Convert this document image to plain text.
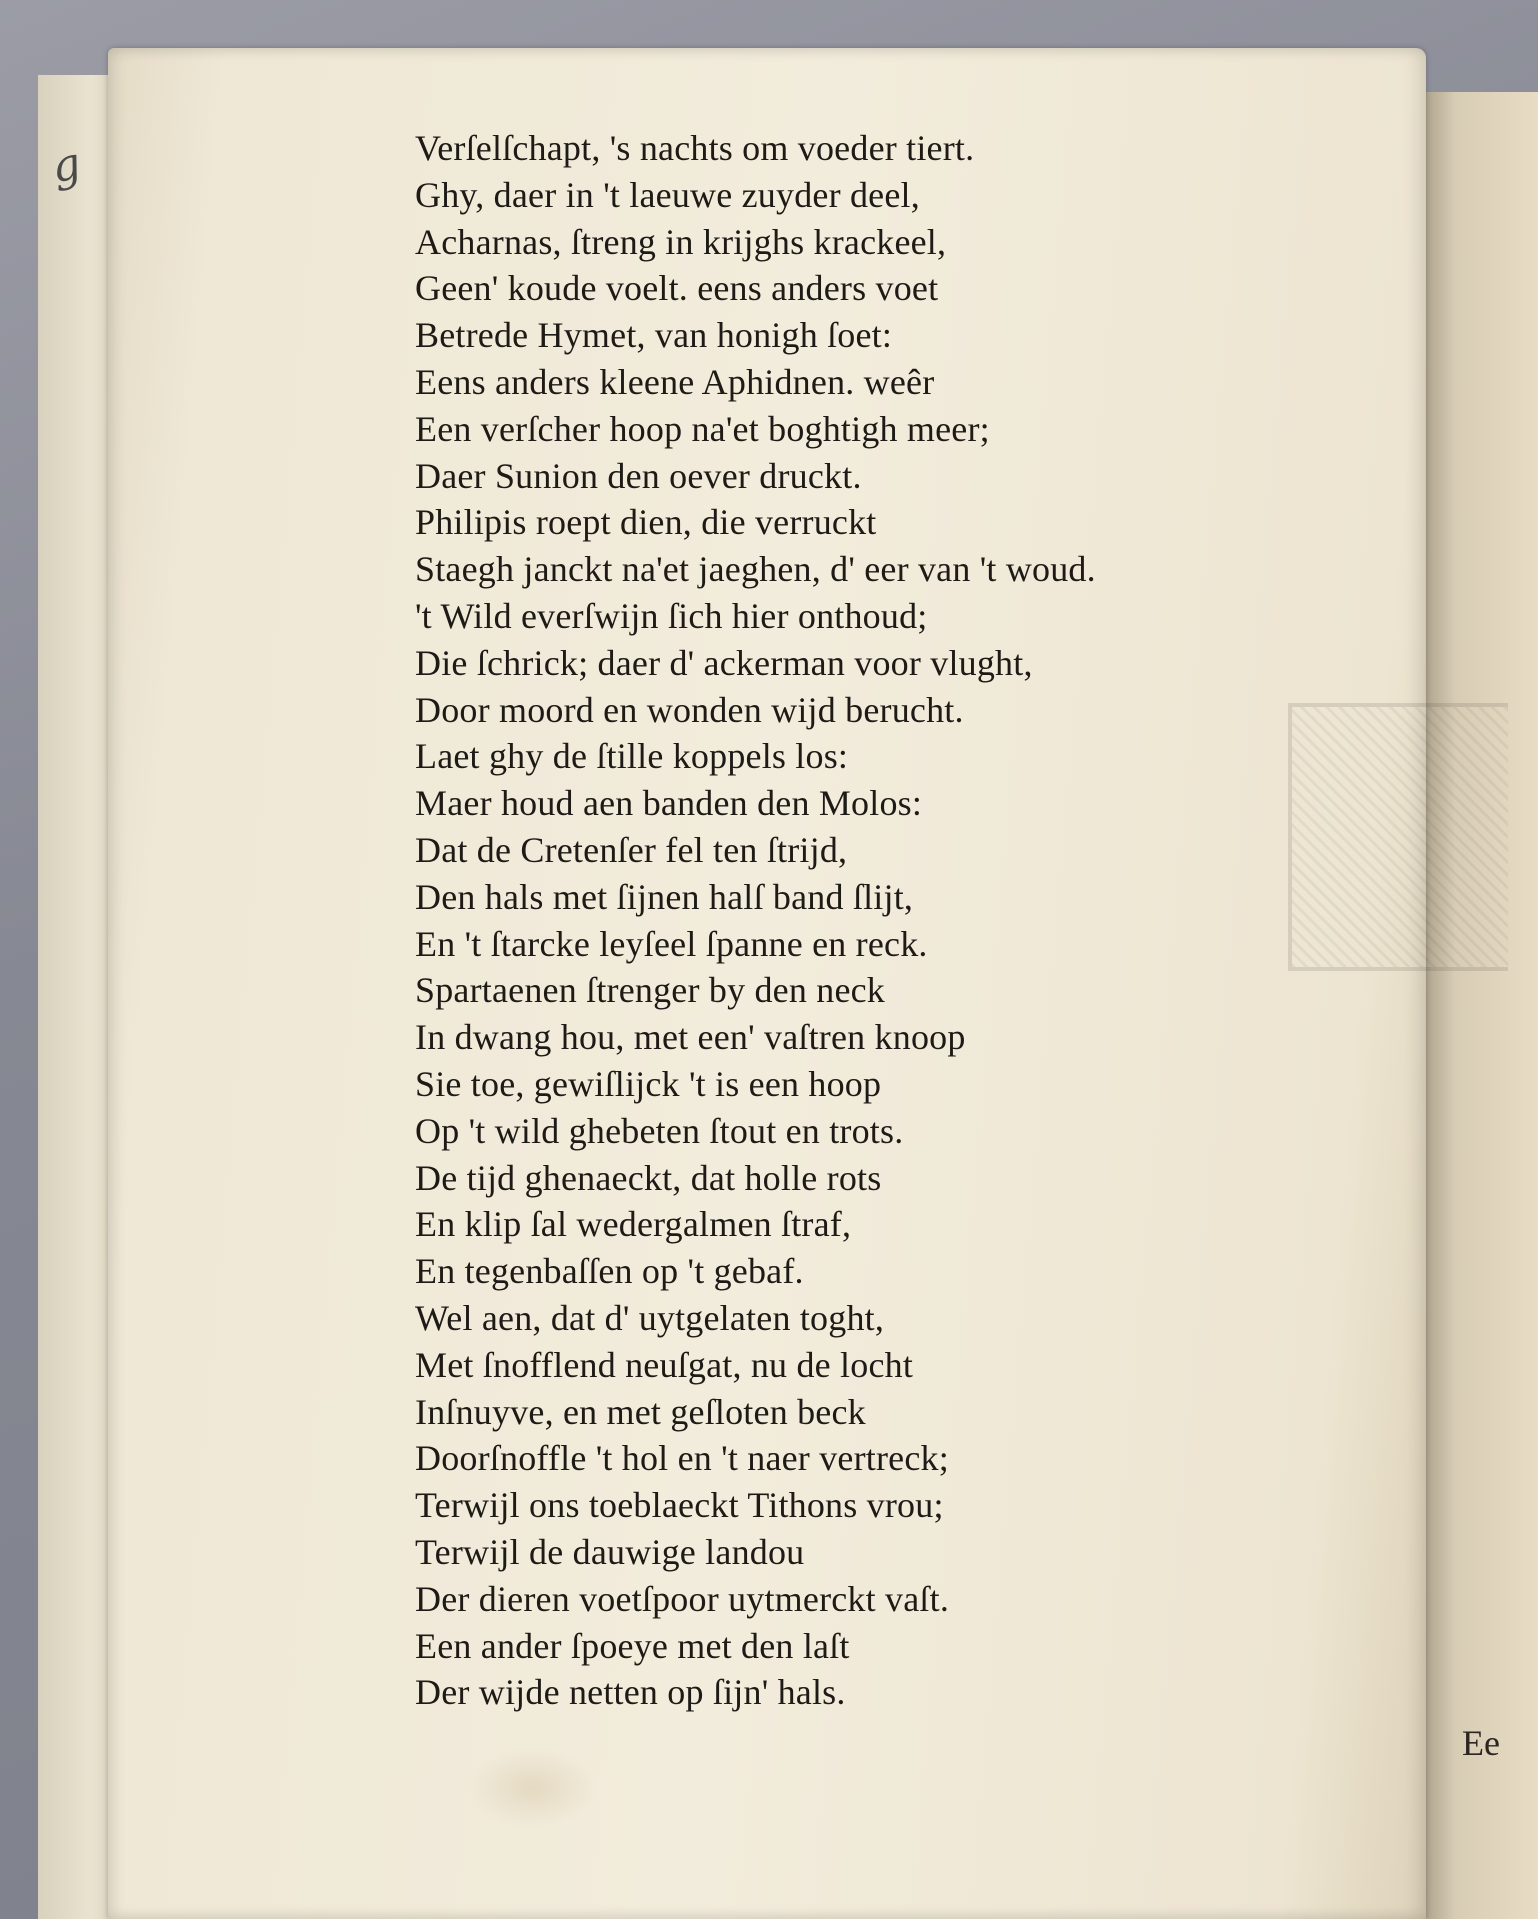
g
Ee
Verſelſchapt, 's nachts om voeder tiert.
Ghy, daer in 't laeuwe zuyder deel,
Acharnas, ſtreng in krijghs krackeel,
Geen' koude voelt. eens anders voet
Betrede Hymet, van honigh ſoet:
Eens anders kleene Aphidnen. weêr
Een verſcher hoop na'et boghtigh meer;
Daer Sunion den oever druckt.
Philipis roept dien, die verruckt
Staegh janckt na'et jaeghen, d' eer van 't woud.
't Wild everſwijn ſich hier onthoud;
Die ſchrick; daer d' ackerman voor vlught,
Door moord en wonden wijd berucht.
Laet ghy de ſtille koppels los:
Maer houd aen banden den Molos:
Dat de Cretenſer fel ten ſtrijd,
Den hals met ſijnen halſ band ſlijt,
En 't ſtarcke leyſeel ſpanne en reck.
Spartaenen ſtrenger by den neck
In dwang hou, met een' vaſtren knoop
Sie toe, gewiſlijck 't is een hoop
Op 't wild ghebeten ſtout en trots.
De tijd ghenaeckt, dat holle rots
En klip ſal wedergalmen ſtraf,
En tegenbaſſen op 't gebaf.
Wel aen, dat d' uytgelaten toght,
Met ſnofflend neuſgat, nu de locht
Inſnuyve, en met geſloten beck
Doorſnoffle 't hol en 't naer vertreck;
Terwijl ons toeblaeckt Tithons vrou;
Terwijl de dauwige landou
Der dieren voetſpoor uytmerckt vaſt.
Een ander ſpoeye met den laſt
Der wijde netten op ſijn' hals.
